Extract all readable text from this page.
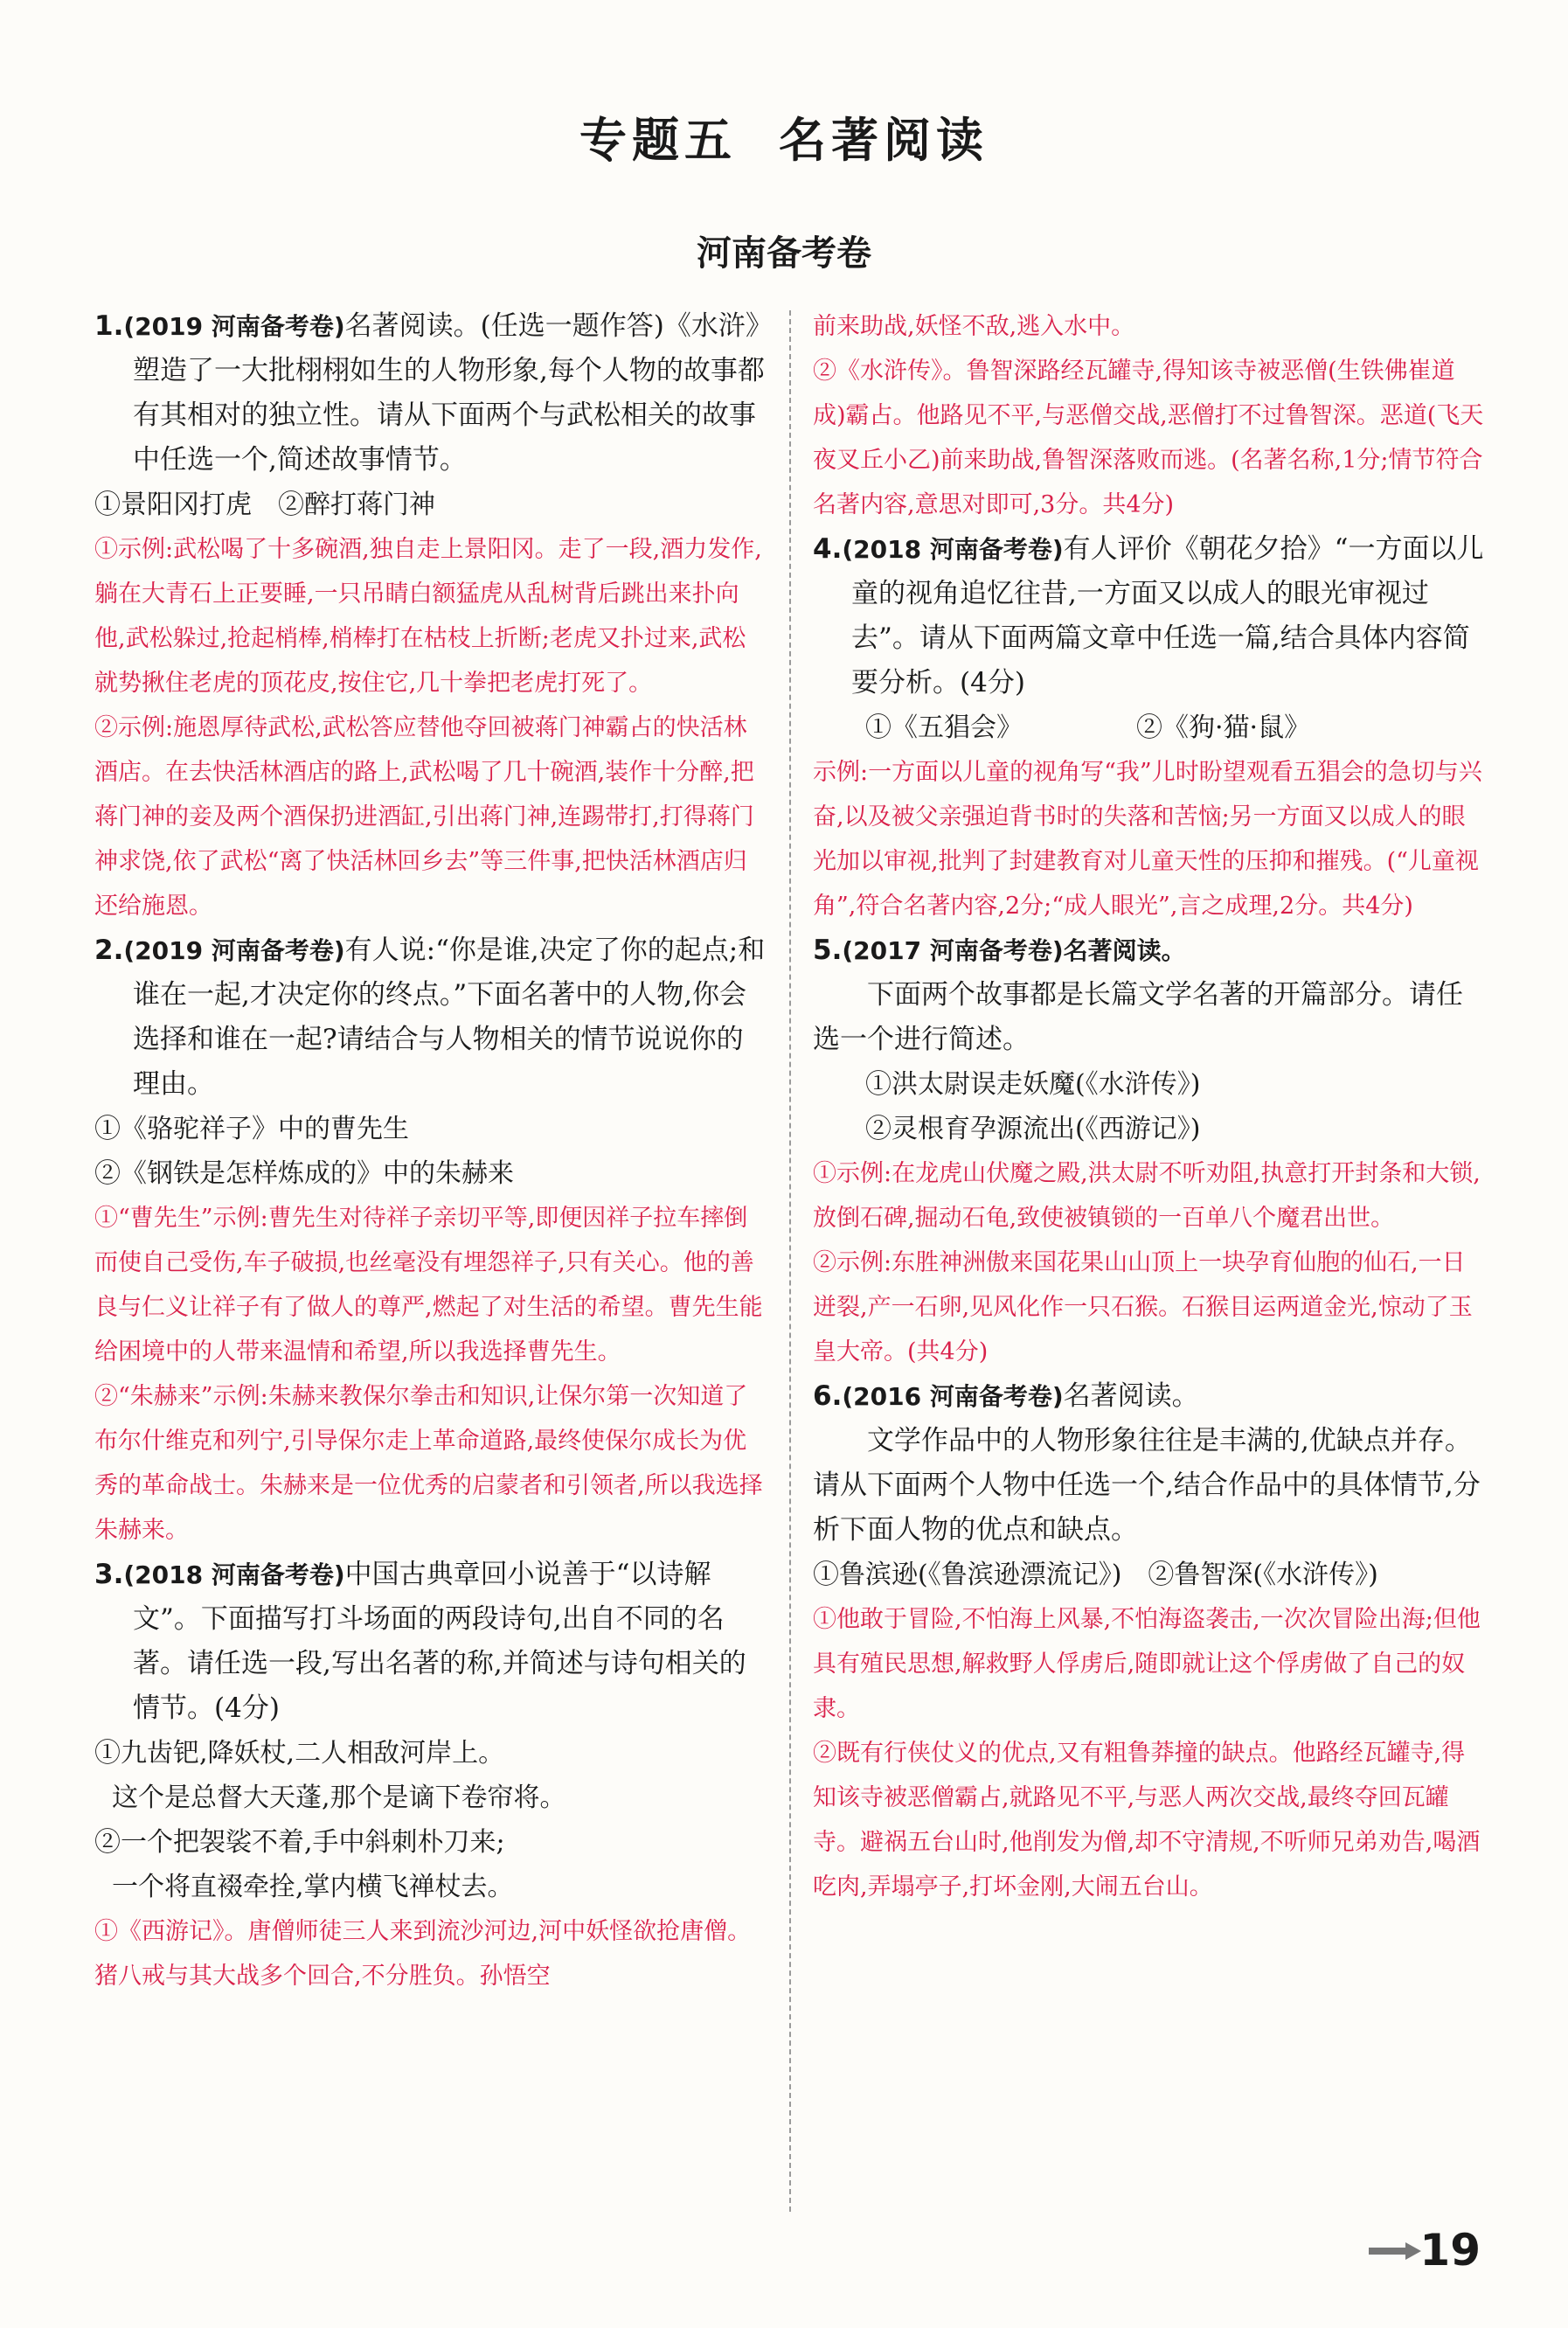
专题五 名著阅读
河南备考卷

1.(2019 河南备考卷)名著阅读。(任选一题作答)《水浒》塑造了一大批栩栩如生的人物形象,每个人物的故事都有其相对的独立性。请从下面两个与武松相关的故事中任选一个,简述故事情节。

①景阳冈打虎　②醉打蒋门神

①示例:武松喝了十多碗酒,独自走上景阳冈。走了一段,酒力发作,躺在大青石上正要睡,一只吊睛白额猛虎从乱树背后跳出来扑向他,武松躲过,抢起梢棒,梢棒打在枯枝上折断;老虎又扑过来,武松就势揪住老虎的顶花皮,按住它,几十拳把老虎打死了。

②示例:施恩厚待武松,武松答应替他夺回被蒋门神霸占的快活林酒店。在去快活林酒店的路上,武松喝了几十碗酒,装作十分醉,把蒋门神的妾及两个酒保扔进酒缸,引出蒋门神,连踢带打,打得蒋门神求饶,依了武松“离了快活林回乡去”等三件事,把快活林酒店归还给施恩。

2.(2019 河南备考卷)有人说:“你是谁,决定了你的起点;和谁在一起,才决定你的终点。”下面名著中的人物,你会选择和谁在一起?请结合与人物相关的情节说说你的理由。

①《骆驼祥子》中的曹先生

②《钢铁是怎样炼成的》中的朱赫来

①“曹先生”示例:曹先生对待祥子亲切平等,即便因祥子拉车摔倒而使自己受伤,车子破损,也丝毫没有埋怨祥子,只有关心。他的善良与仁义让祥子有了做人的尊严,燃起了对生活的希望。曹先生能给困境中的人带来温情和希望,所以我选择曹先生。

②“朱赫来”示例:朱赫来教保尔拳击和知识,让保尔第一次知道了布尔什维克和列宁,引导保尔走上革命道路,最终使保尔成长为优秀的革命战士。朱赫来是一位优秀的启蒙者和引领者,所以我选择朱赫来。

3.(2018 河南备考卷)中国古典章回小说善于“以诗解文”。下面描写打斗场面的两段诗句,出自不同的名著。请任选一段,写出名著的称,并简述与诗句相关的情节。(4分)

①九齿钯,降妖杖,二人相敌河岸上。

这个是总督大天蓬,那个是谪下卷帘将。

②一个把袈裟不着,手中斜刺朴刀来;

一个将直裰牵拴,掌内横飞禅杖去。

①《西游记》。唐僧师徒三人来到流沙河边,河中妖怪欲抢唐僧。猪八戒与其大战多个回合,不分胜负。孙悟空

前来助战,妖怪不敌,逃入水中。

②《水浒传》。鲁智深路经瓦罐寺,得知该寺被恶僧(生铁佛崔道成)霸占。他路见不平,与恶僧交战,恶僧打不过鲁智深。恶道(飞天夜叉丘小乙)前来助战,鲁智深落败而逃。(名著名称,1分;情节符合名著内容,意思对即可,3分。共4分)

4.(2018 河南备考卷)有人评价《朝花夕拾》“一方面以儿童的视角追忆往昔,一方面又以成人的眼光审视过去”。请从下面两篇文章中任选一篇,结合具体内容简要分析。(4分)

①《五猖会》	②《狗·猫·鼠》

示例:一方面以儿童的视角写“我”儿时盼望观看五猖会的急切与兴奋,以及被父亲强迫背书时的失落和苦恼;另一方面又以成人的眼光加以审视,批判了封建教育对儿童天性的压抑和摧残。(“儿童视角”,符合名著内容,2分;“成人眼光”,言之成理,2分。共4分)

5.(2017 河南备考卷)名著阅读。

下面两个故事都是长篇文学名著的开篇部分。请任选一个进行简述。

①洪太尉误走妖魔(《水浒传》)

②灵根育孕源流出(《西游记》)

①示例:在龙虎山伏魔之殿,洪太尉不听劝阻,执意打开封条和大锁,放倒石碑,掘动石龟,致使被镇锁的一百单八个魔君出世。

②示例:东胜神洲傲来国花果山山顶上一块孕育仙胞的仙石,一日迸裂,产一石卵,见风化作一只石猴。石猴目运两道金光,惊动了玉皇大帝。(共4分)

6.(2016 河南备考卷)名著阅读。

文学作品中的人物形象往往是丰满的,优缺点并存。请从下面两个人物中任选一个,结合作品中的具体情节,分析下面人物的优点和缺点。

①鲁滨逊(《鲁滨逊漂流记》)　②鲁智深(《水浒传》)

①他敢于冒险,不怕海上风暴,不怕海盗袭击,一次次冒险出海;但他具有殖民思想,解救野人俘虏后,随即就让这个俘虏做了自己的奴隶。

②既有行侠仗义的优点,又有粗鲁莽撞的缺点。他路经瓦罐寺,得知该寺被恶僧霸占,就路见不平,与恶人两次交战,最终夺回瓦罐寺。避祸五台山时,他削发为僧,却不守清规,不听师兄弟劝告,喝酒吃肉,弄塌亭子,打坏金刚,大闹五台山。

19
